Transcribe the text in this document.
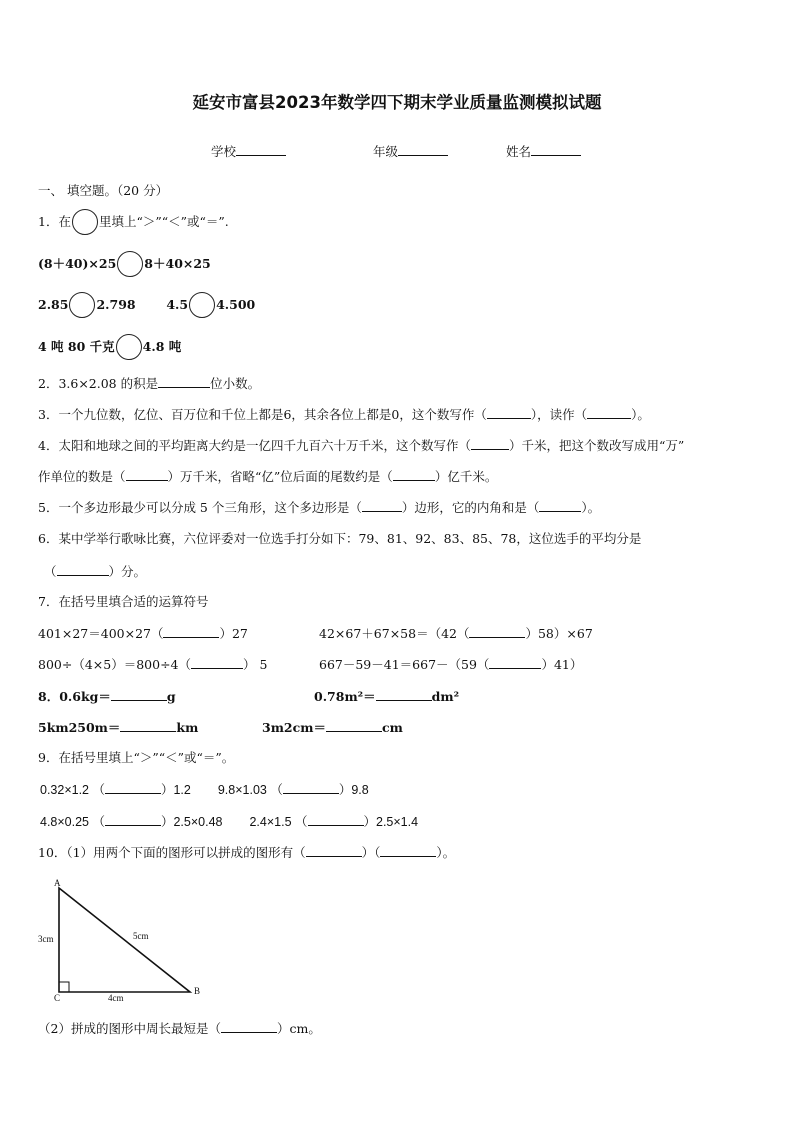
延安市富县2023年数学四下期末学业质量监测模拟试题
学校	年级	姓名
一、 填空题。（20 分）
1．在 里填上“＞”“＜”或“＝”.
(8＋40)×25 8＋40×25
2.85 2.798 4.5 4.500
4 吨 80 千克 4.8 吨
2．3.6×2.08 的积是	位小数。
3．一个九位数，亿位、百万位和千位上都是6，其余各位上都是0，这个数写作（	），读作（	）。
4．太阳和地球之间的平均距离大约是一亿四千九百六十万千米，这个数写作（	）千米，把这个数改写成用“万”
作单位的数是（	）万千米，省略“亿”位后面的尾数约是（	）亿千米。
5．一个多边形最少可以分成 5 个三角形，这个多边形是（	）边形，它的内角和是（	）。
6．某中学举行歌咏比赛，六位评委对一位选手打分如下：79、81、92、83、85、78，这位选手的平均分是
（	）分。
7．在括号里填合适的运算符号
401×27＝400×27（	）27	42×67＋67×58＝（42（	）58）×67
800÷（4×5）＝800÷4（	） 5	667－59－41＝667－（59（	）41）
8．0.6kg＝	g	0.78m²＝	dm²
5km250m＝	km	3m2cm＝	cm
9．在括号里填上“＞”“＜”或“＝”。
0.32×1.2 （	）1.2 9.8×1.03 （	）9.8
4.8×0.25 （	）2.5×0.48 2.4×1.5 （	）2.5×1.4
10．（1）用两个下面的图形可以拼成的图形有（	）（	）。
A
B
C
3cm	5cm
4cm
（2）拼成的图形中周长最短是（	）cm。
